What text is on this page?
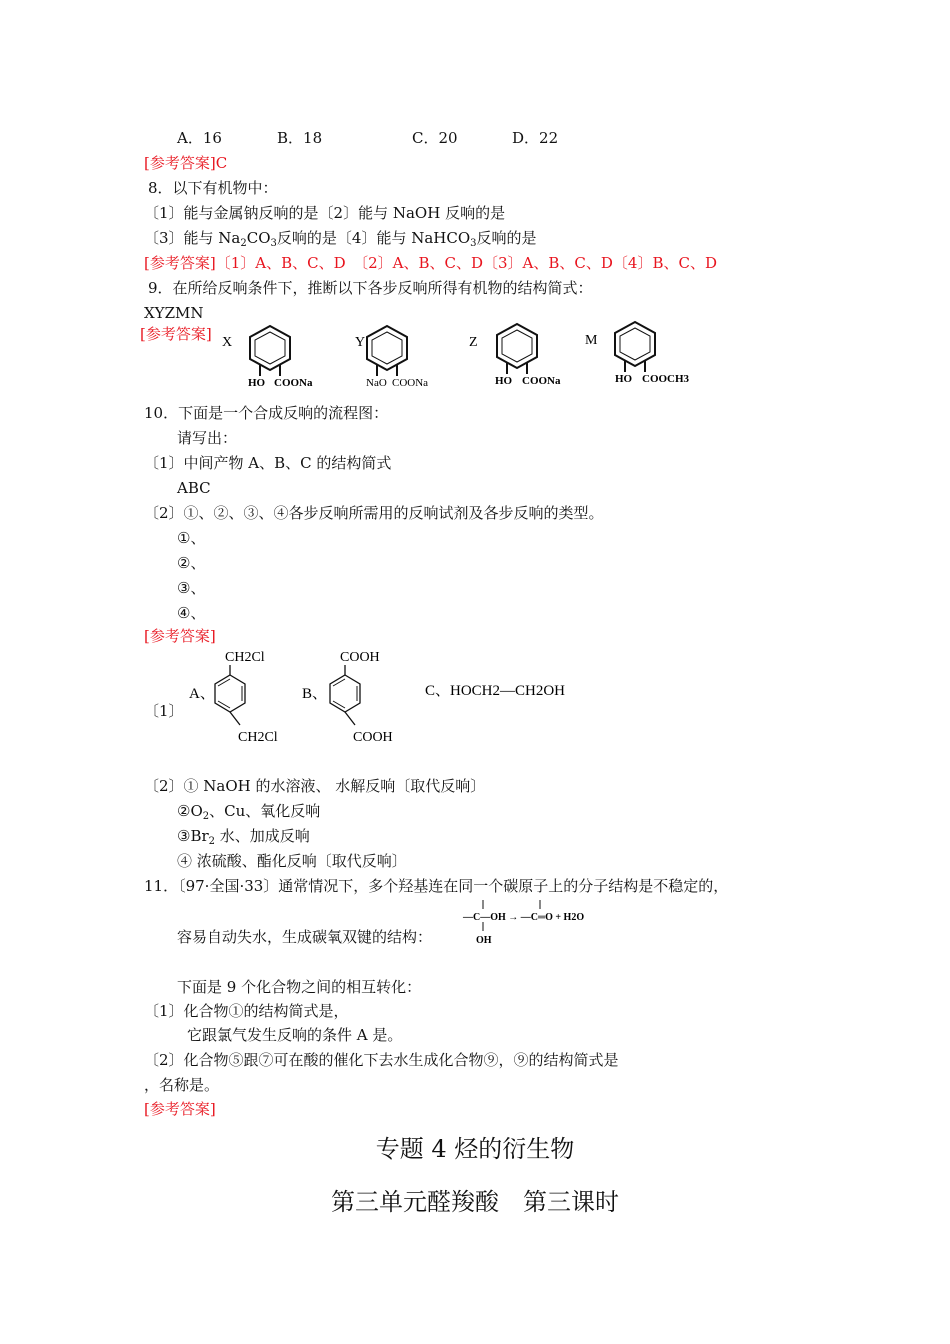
A．16	B．18	C．20	D．22
[参考答案]C
8．以下有机物中：
〔1〕能与金属钠反响的是〔2〕能与 NaOH 反响的是
〔3〕能与 $Na_2CO_3$反响的是〔4〕能与 NaHCO$_3$反响的是
[参考答案]〔1〕A、B、C、D　〔2〕A、B、C、D〔3〕A、B、C、D〔4〕B、C、D
9．在所给反响条件下，推断以下各步反响所得有机物的结构简式：
XYZMN
[参考答案] X
HO COONa
Y
NaO COONa
Z
HO COONa
M
HO COOCH3
10．下面是一个合成反响的流程图：
请写出：
〔1〕中间产物 A、B、C 的结构简式
ABC
〔2〕①、②、③、④各步反响所需用的反响试剂及各步反响的类型。
①、
②、
③、
④、
[参考答案]
〔1〕
A、
CH2Cl
CH2Cl
B、
COOH
COOH
C、HOCH2—CH2OH
〔2〕① NaOH 的水溶液、 水解反响〔取代反响〕
$②O_2$、Cu、氧化反响
$③Br_2$ 水、加成反响
④ 浓硫酸、酯化反响〔取代反响〕
11．〔97·全国·33〕通常情况下，多个羟基连在同一个碳原子上的分子结构是不稳定的，
容易自动失水，生成碳氧双键的结构：
—C—OH → —C═O + H2O
OH
下面是 9 个化合物之间的相互转化：
〔1〕化合物①的结构简式是，
它跟氯气发生反响的条件 A 是。
〔2〕化合物⑤跟⑦可在酸的催化下去水生成化合物⑨，⑨的结构简式是
，名称是。
[参考答案]
专题 4 烃的衍生物
第三单元醛羧酸　第三课时
